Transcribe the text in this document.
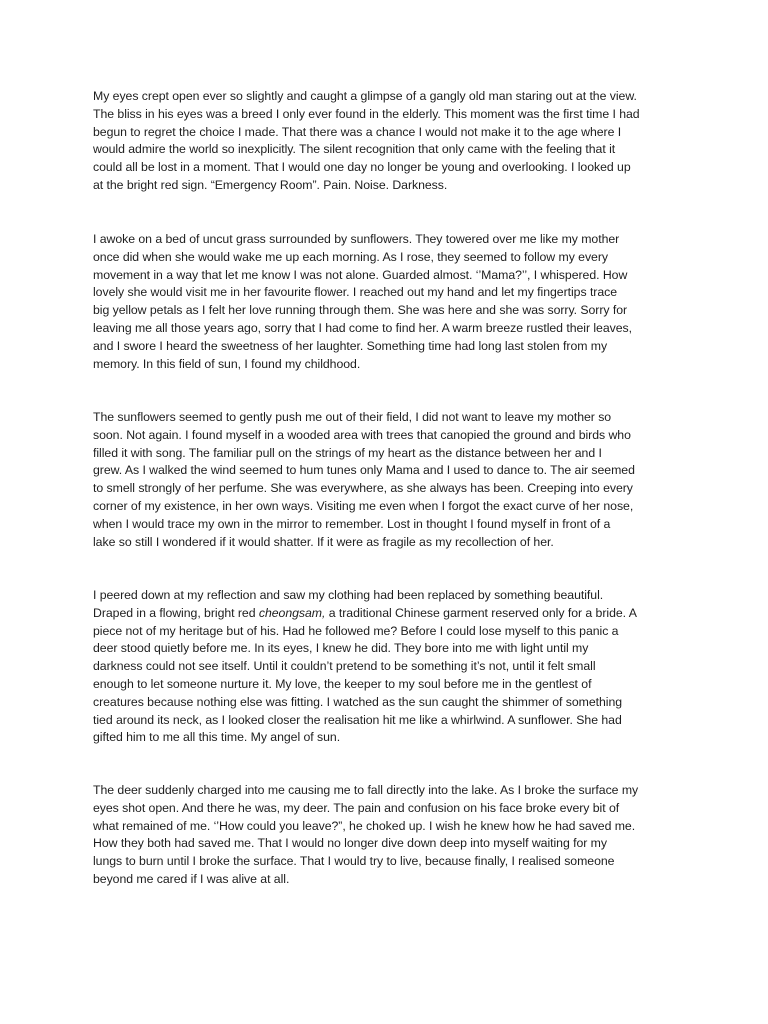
My eyes crept open ever so slightly and caught a glimpse of a gangly old man staring out at the view.
The bliss in his eyes was a breed I only ever found in the elderly. This moment was the first time I had
begun to regret the choice I made. That there was a chance I would not make it to the age where I
would admire the world so inexplicitly. The silent recognition that only came with the feeling that it
could all be lost in a moment. That I would one day no longer be young and overlooking. I looked up
at the bright red sign. “Emergency Room”. Pain. Noise. Darkness.

I awoke on a bed of uncut grass surrounded by sunflowers. They towered over me like my mother
once did when she would wake me up each morning. As I rose, they seemed to follow my every
movement in a way that let me know I was not alone. Guarded almost. ‘’Mama?’’, I whispered. How
lovely she would visit me in her favourite flower. I reached out my hand and let my fingertips trace
big yellow petals as I felt her love running through them. She was here and she was sorry. Sorry for
leaving me all those years ago, sorry that I had come to find her. A warm breeze rustled their leaves,
and I swore I heard the sweetness of her laughter. Something time had long last stolen from my
memory. In this field of sun, I found my childhood.

The sunflowers seemed to gently push me out of their field, I did not want to leave my mother so
soon. Not again. I found myself in a wooded area with trees that canopied the ground and birds who
filled it with song. The familiar pull on the strings of my heart as the distance between her and I
grew. As I walked the wind seemed to hum tunes only Mama and I used to dance to. The air seemed
to smell strongly of her perfume. She was everywhere, as she always has been. Creeping into every
corner of my existence, in her own ways. Visiting me even when I forgot the exact curve of her nose,
when I would trace my own in the mirror to remember. Lost in thought I found myself in front of a
lake so still I wondered if it would shatter. If it were as fragile as my recollection of her.

I peered down at my reflection and saw my clothing had been replaced by something beautiful.
Draped in a flowing, bright red cheongsam, a traditional Chinese garment reserved only for a bride. A
piece not of my heritage but of his. Had he followed me? Before I could lose myself to this panic a
deer stood quietly before me. In its eyes, I knew he did. They bore into me with light until my
darkness could not see itself. Until it couldn’t pretend to be something it’s not, until it felt small
enough to let someone nurture it. My love, the keeper to my soul before me in the gentlest of
creatures because nothing else was fitting. I watched as the sun caught the shimmer of something
tied around its neck, as I looked closer the realisation hit me like a whirlwind. A sunflower. She had
gifted him to me all this time. My angel of sun.

The deer suddenly charged into me causing me to fall directly into the lake. As I broke the surface my
eyes shot open. And there he was, my deer. The pain and confusion on his face broke every bit of
what remained of me. ‘’How could you leave?”, he choked up. I wish he knew how he had saved me.
How they both had saved me. That I would no longer dive down deep into myself waiting for my
lungs to burn until I broke the surface. That I would try to live, because finally, I realised someone
beyond me cared if I was alive at all.
